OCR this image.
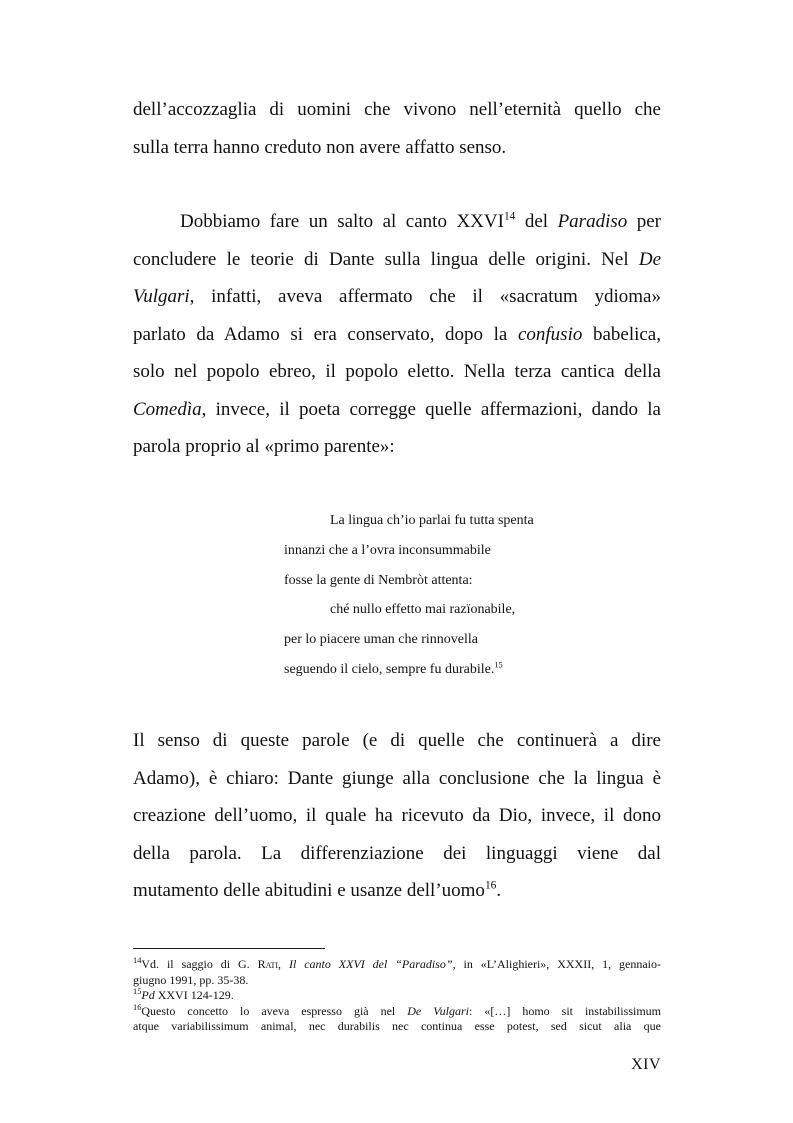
dell’accozzaglia di uomini che vivono nell’eternità quello che
sulla terra hanno creduto non avere affatto senso.
Dobbiamo fare un salto al canto XXVI$^{14}$ del Paradiso per
concludere le teorie di Dante sulla lingua delle origini. Nel De
Vulgari, infatti, aveva affermato che il «sacratum ydioma»
parlato da Adamo si era conservato, dopo la confusio babelica,
solo nel popolo ebreo, il popolo eletto. Nella terza cantica della
Comedìa, invece, il poeta corregge quelle affermazioni, dando la
parola proprio al «primo parente»:
La lingua ch’io parlai fu tutta spenta
innanzi che a l’ovra inconsummabile
fosse la gente di Nembròt attenta:
ché nullo effetto mai razïonabile,
per lo piacere uman che rinnovella
seguendo il cielo, sempre fu durabile.$^{15}$
Il senso di queste parole (e di quelle che continuerà a dire
Adamo), è chiaro: Dante giunge alla conclusione che la lingua è
creazione dell’uomo, il quale ha ricevuto da Dio, invece, il dono
della parola. La differenziazione dei linguaggi viene dal
mutamento delle abitudini e usanze dell’uomo$^{16}$.
$^{14}$Vd. il saggio di G. Rati, Il canto XXVI del “Paradiso”, in «L’Alighieri», XXXII, 1, gennaio-
giugno 1991, pp. 35-38.
$^{15}$Pd XXVI 124-129.
$^{16}$Questo concetto lo aveva espresso già nel De Vulgari: «[…] homo sit instabilissimum
atque variabilissimum animal, nec durabilis nec continua esse potest, sed sicut alia que
XIV
